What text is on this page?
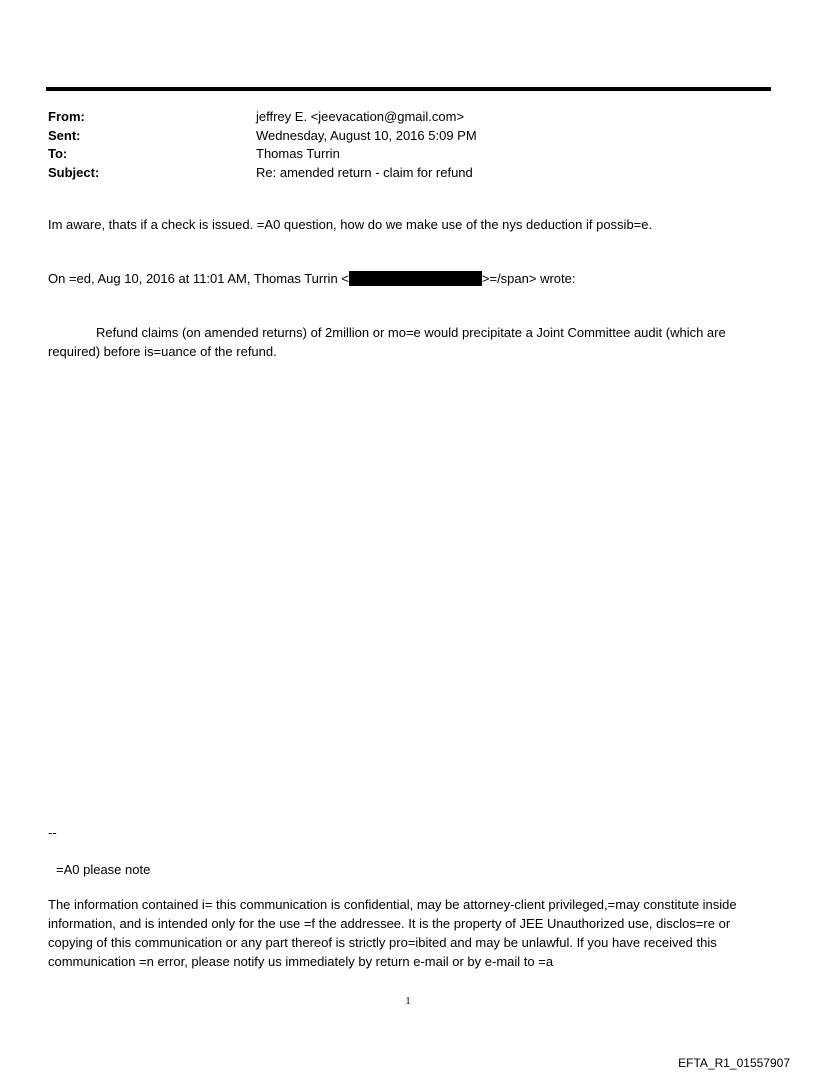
From:	jeffrey E. <jeevacation@gmail.com>
Sent:	Wednesday, August 10, 2016 5:09 PM
To:	Thomas Turrin
Subject:	Re: amended return - claim for refund
Im aware, thats if a check is issued. =A0 question, how do we make use of the nys deduction if possib=e.
On =ed, Aug 10, 2016 at 11:01 AM, Thomas Turrin <	>=/span> wrote:
Refund claims (on amended returns) of 2million or mo=e would precipitate a Joint Committee audit (which are required) before is=uance of the refund.
--
=A0 please note
The information contained i= this communication is confidential, may be attorney-client privileged,=may constitute inside information, and is intended only for the use =f the addressee. It is the property of JEE Unauthorized use, disclos=re or copying of this communication or any part thereof is strictly pro=ibited and may be unlawful. If you have received this communication =n error, please notify us immediately by return e-mail or by e-mail to =a
1
EFTA_R1_01557907
